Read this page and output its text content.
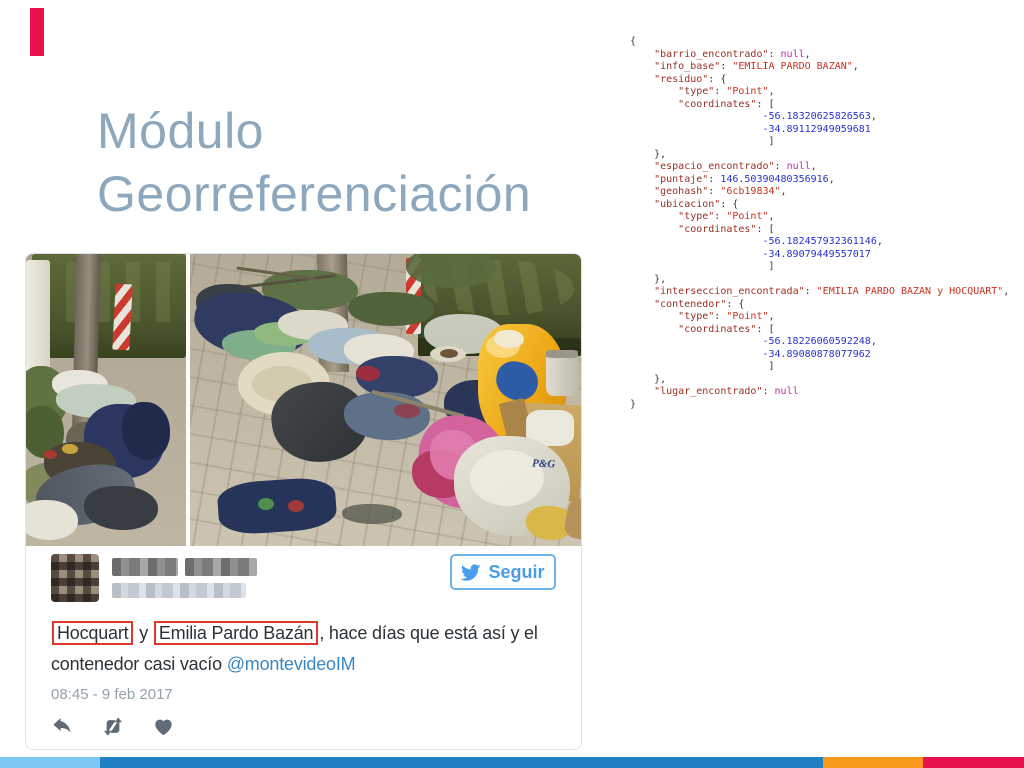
Módulo
Georreferenciación
P&G
Seguir

Hocquart y Emilia Pardo Bazán , hace días que está así y el
contenedor casi vacío @montevideoIM

08:45 - 9 feb 2017
{
"barrio_encontrado": null,
"info_base": "EMILIA PARDO BAZAN",
"residuo": {
"type": "Point",
"coordinates": [
-56.18320625826563,
-34.89112949059681
]
},
"espacio_encontrado": null,
"puntaje": 146.50390480356916,
"geohash": "6cb19834",
"ubicacion": {
"type": "Point",
"coordinates": [
-56.182457932361146,
-34.89079449557017
]
},
"interseccion_encontrada": "EMILIA PARDO BAZAN y HOCQUART",
"contenedor": {
"type": "Point",
"coordinates": [
-56.18226060592248,
-34.89080878077962
]
},
"lugar_encontrado": null
}
